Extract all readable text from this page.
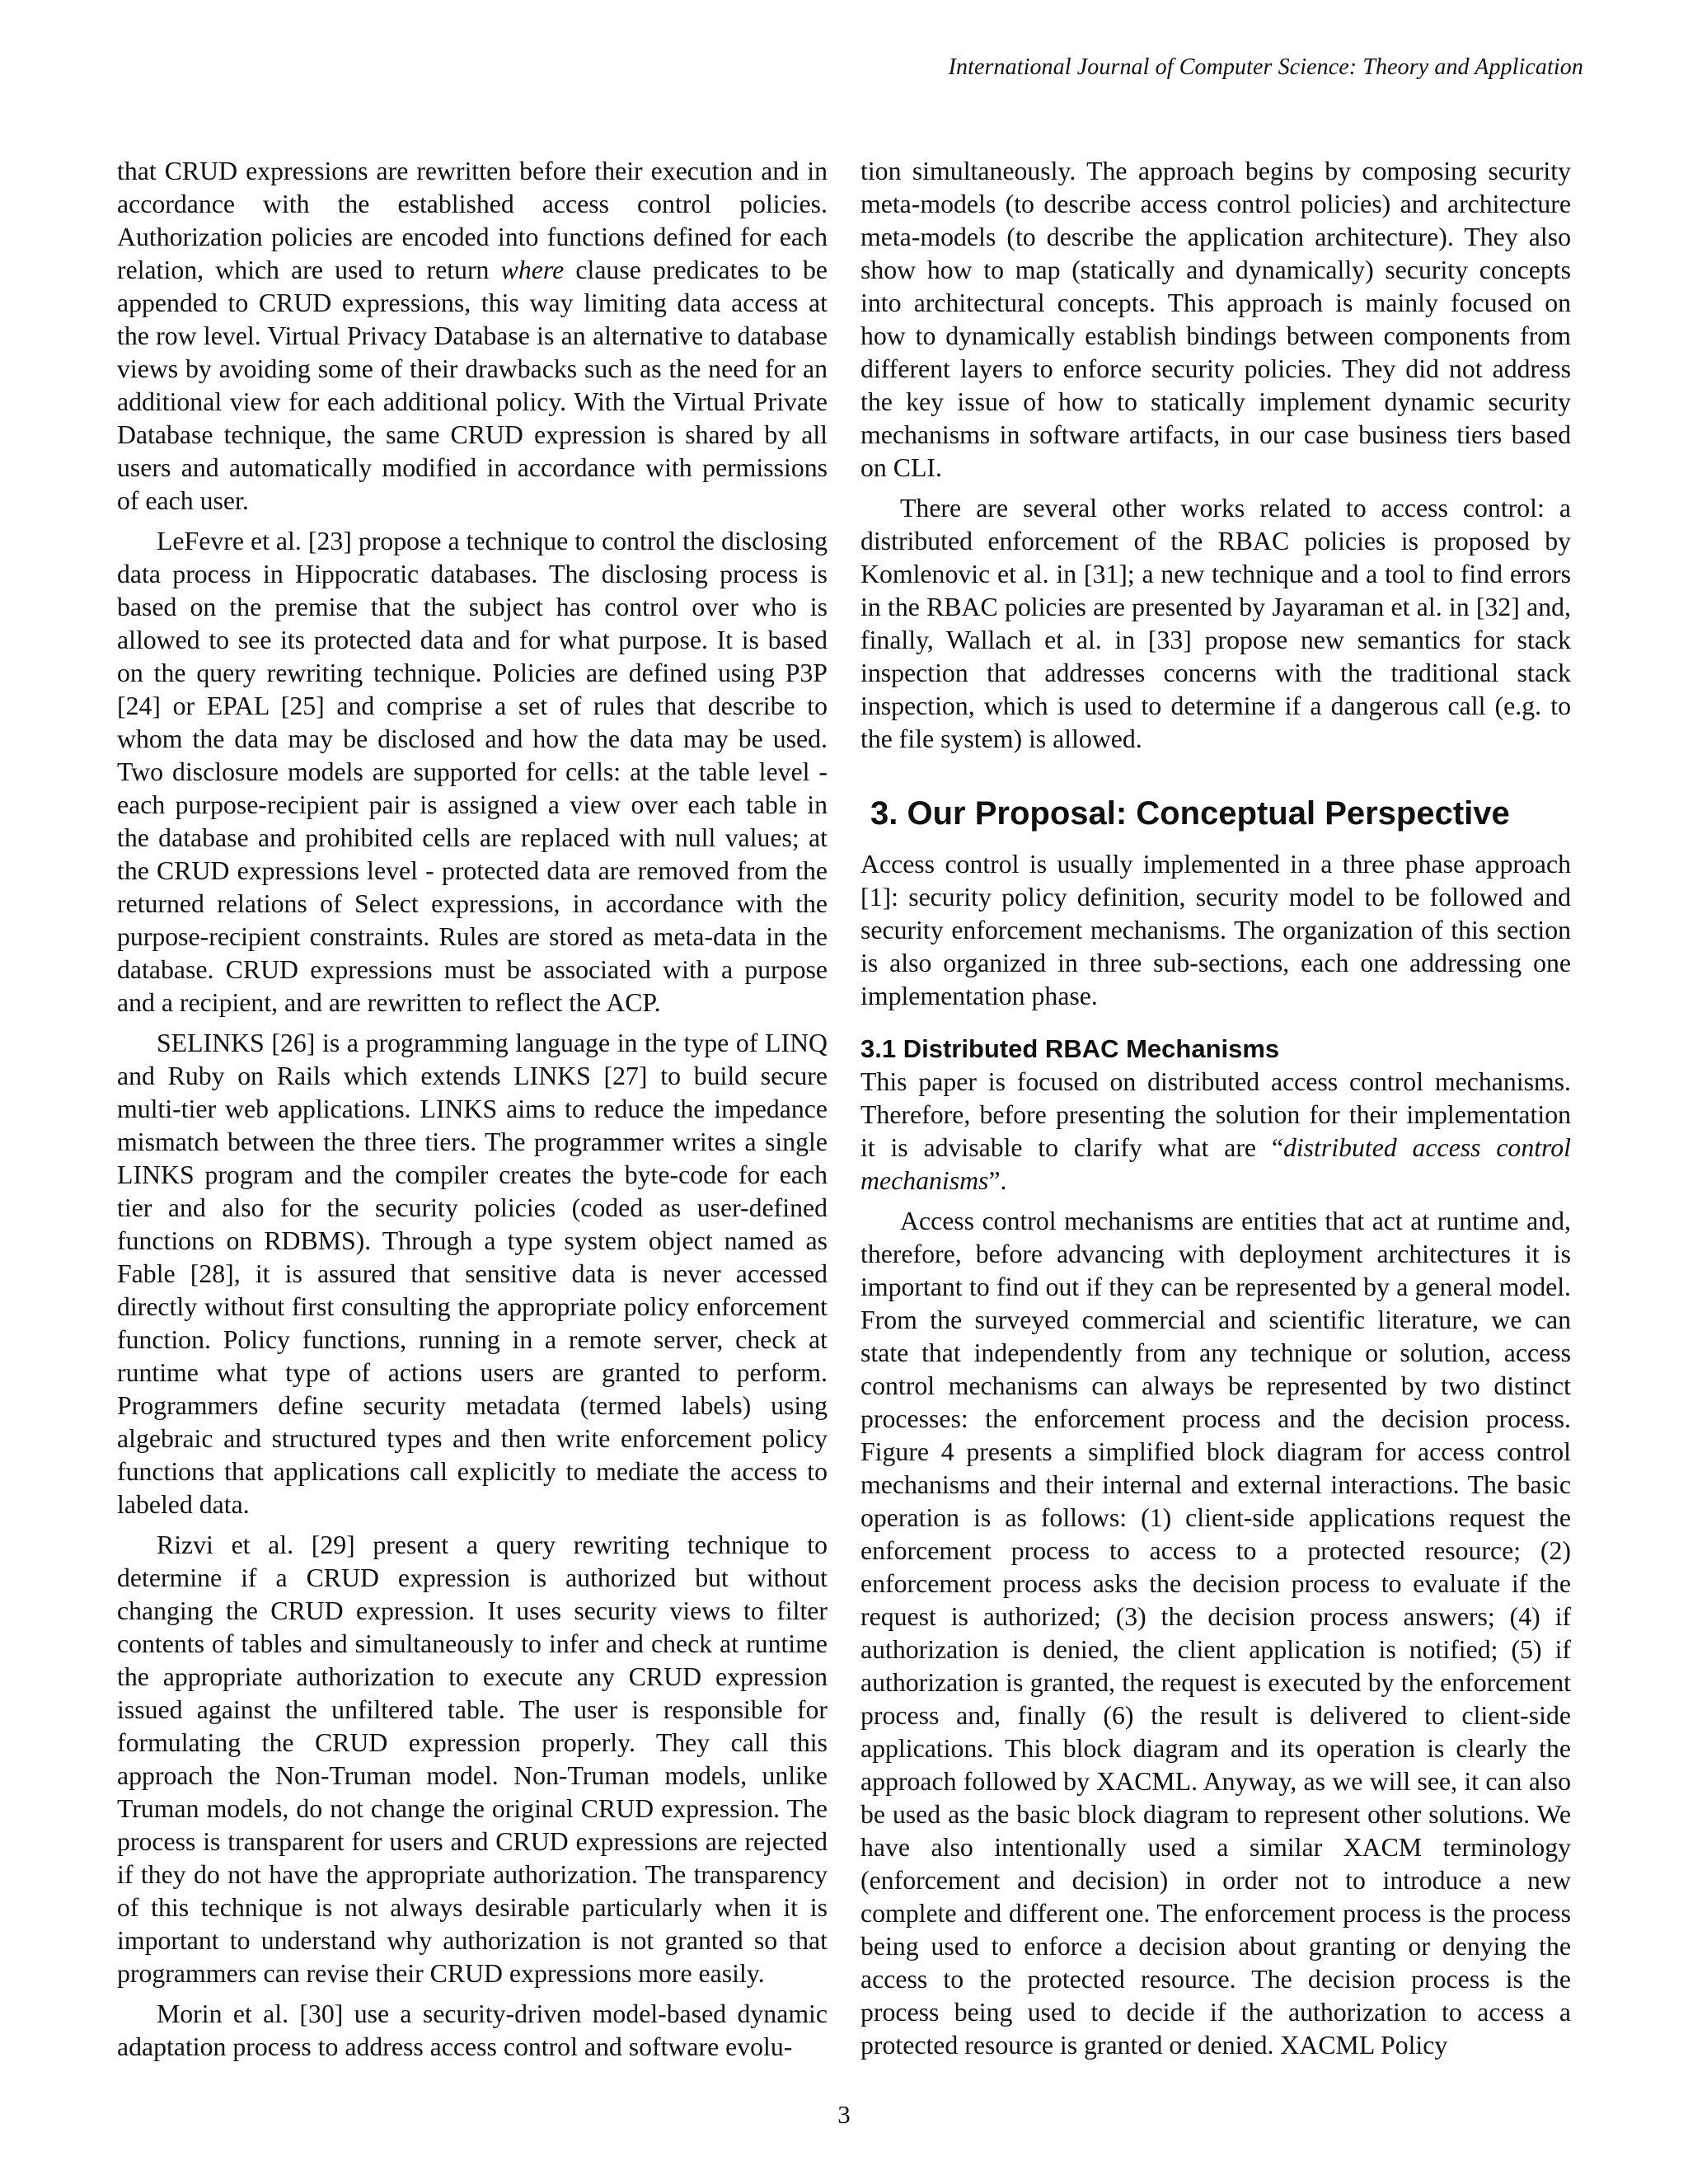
International Journal of Computer Science: Theory and Application

that CRUD expressions are rewritten before their execution and in accordance with the established access control policies. Authorization policies are encoded into functions defined for each relation, which are used to return where clause predicates to be appended to CRUD expressions, this way limiting data access at the row level. Virtual Privacy Database is an alternative to database views by avoiding some of their drawbacks such as the need for an additional view for each additional policy. With the Virtual Private Database technique, the same CRUD expression is shared by all users and automatically modified in accordance with permissions of each user.

LeFevre et al. [23] propose a technique to control the disclosing data process in Hippocratic databases. The disclosing process is based on the premise that the subject has control over who is allowed to see its protected data and for what purpose. It is based on the query rewriting technique. Policies are defined using P3P [24] or EPAL [25] and comprise a set of rules that describe to whom the data may be disclosed and how the data may be used. Two disclosure models are supported for cells: at the table level - each purpose-recipient pair is assigned a view over each table in the database and prohibited cells are replaced with null values; at the CRUD expressions level - protected data are removed from the returned relations of Select expressions, in accordance with the purpose-recipient constraints. Rules are stored as meta-data in the database. CRUD expressions must be associated with a purpose and a recipient, and are rewritten to reflect the ACP.

SELINKS [26] is a programming language in the type of LINQ and Ruby on Rails which extends LINKS [27] to build secure multi-tier web applications. LINKS aims to reduce the impedance mismatch between the three tiers. The programmer writes a single LINKS program and the compiler creates the byte-code for each tier and also for the security policies (coded as user-defined functions on RDBMS). Through a type system object named as Fable [28], it is assured that sensitive data is never accessed directly without first consulting the appropriate policy enforcement function. Policy functions, running in a remote server, check at runtime what type of actions users are granted to perform. Programmers define security metadata (termed labels) using algebraic and structured types and then write enforcement policy functions that applications call explicitly to mediate the access to labeled data.

Rizvi et al. [29] present a query rewriting technique to determine if a CRUD expression is authorized but without changing the CRUD expression. It uses security views to filter contents of tables and simultaneously to infer and check at runtime the appropriate authorization to execute any CRUD expression issued against the unfiltered table. The user is responsible for formulating the CRUD expression properly. They call this approach the Non-Truman model. Non-Truman models, unlike Truman models, do not change the original CRUD expression. The process is transparent for users and CRUD expressions are rejected if they do not have the appropriate authorization. The transparency of this technique is not always desirable particularly when it is important to understand why authorization is not granted so that programmers can revise their CRUD expressions more easily.

Morin et al. [30] use a security-driven model-based dynamic adaptation process to address access control and software evolu-

tion simultaneously. The approach begins by composing security meta-models (to describe access control policies) and architecture meta-models (to describe the application architecture). They also show how to map (statically and dynamically) security concepts into architectural concepts. This approach is mainly focused on how to dynamically establish bindings between components from different layers to enforce security policies. They did not address the key issue of how to statically implement dynamic security mechanisms in software artifacts, in our case business tiers based on CLI.

There are several other works related to access control: a distributed enforcement of the RBAC policies is proposed by Komlenovic et al. in [31]; a new technique and a tool to find errors in the RBAC policies are presented by Jayaraman et al. in [32] and, finally, Wallach et al. in [33] propose new semantics for stack inspection that addresses concerns with the traditional stack inspection, which is used to determine if a dangerous call (e.g. to the file system) is allowed.

3. Our Proposal: Conceptual Perspective

Access control is usually implemented in a three phase approach [1]: security policy definition, security model to be followed and security enforcement mechanisms. The organization of this section is also organized in three sub-sections, each one addressing one implementation phase.

3.1 Distributed RBAC Mechanisms

This paper is focused on distributed access control mechanisms. Therefore, before presenting the solution for their implementation it is advisable to clarify what are “distributed access control mechanisms”.

Access control mechanisms are entities that act at runtime and, therefore, before advancing with deployment architectures it is important to find out if they can be represented by a general model. From the surveyed commercial and scientific literature, we can state that independently from any technique or solution, access control mechanisms can always be represented by two distinct processes: the enforcement process and the decision process. Figure 4 presents a simplified block diagram for access control mechanisms and their internal and external interactions. The basic operation is as follows: (1) client-side applications request the enforcement process to access to a protected resource; (2) enforcement process asks the decision process to evaluate if the request is authorized; (3) the decision process answers; (4) if authorization is denied, the client application is notified; (5) if authorization is granted, the request is executed by the enforcement process and, finally (6) the result is delivered to client-side applications. This block diagram and its operation is clearly the approach followed by XACML. Anyway, as we will see, it can also be used as the basic block diagram to represent other solutions. We have also intentionally used a similar XACM terminology (enforcement and decision) in order not to introduce a new complete and different one. The enforcement process is the process being used to enforce a decision about granting or denying the access to the protected resource. The decision process is the process being used to decide if the authorization to access a protected resource is granted or denied. XACML Policy

3
